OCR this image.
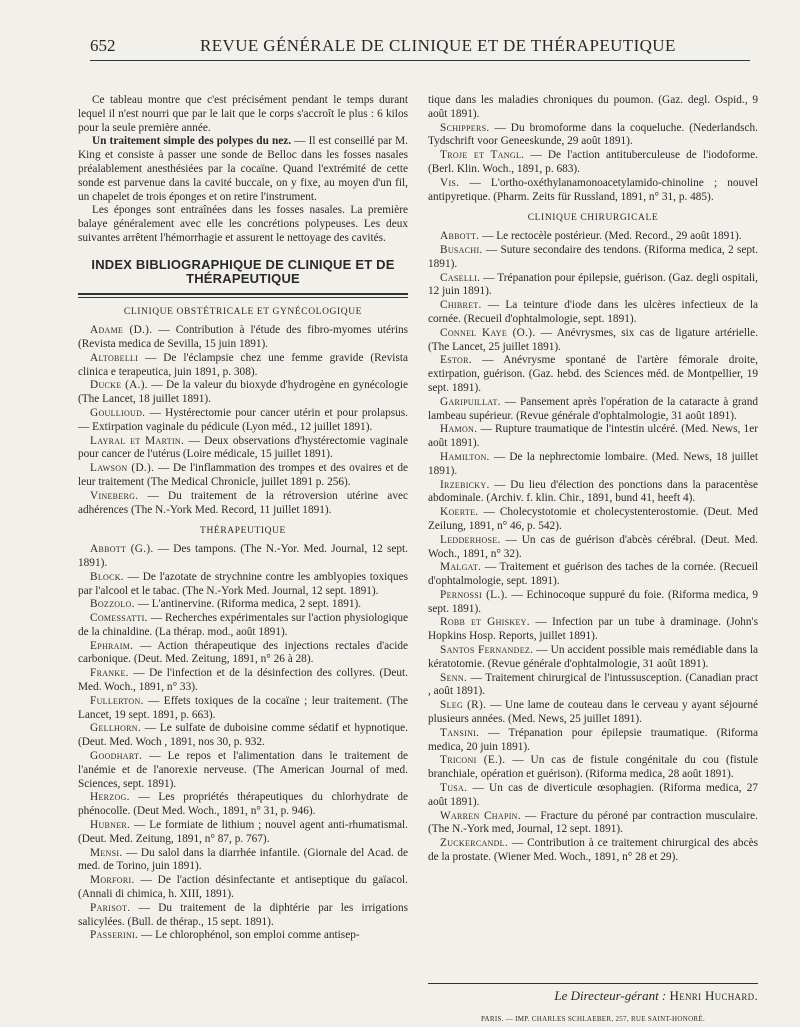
652	REVUE GÉNÉRALE DE CLINIQUE ET DE THÉRAPEUTIQUE

Ce tableau montre que c'est précisément pendant le temps durant lequel il n'est nourri que par le lait que le corps s'accroît le plus : 6 kilos pour la seule première année.

Un traitement simple des polypes du nez. — Il est conseillé par M. King et consiste à passer une sonde de Belloc dans les fosses nasales préalablement anesthésiées par la cocaïne. Quand l'extrémité de cette sonde est parvenue dans la cavité buccale, on y fixe, au moyen d'un fil, un chapelet de trois éponges et on retire l'instrument.

Les éponges sont entraînées dans les fosses nasales. La première balaye généralement avec elle les concrétions polypeuses. Les deux suivantes arrêtent l'hémorrhagie et assurent le nettoyage des cavités.

INDEX BIBLIOGRAPHIQUE DE CLINIQUE ET DE THÉRAPEUTIQUE
CLINIQUE OBSTÉTRICALE ET GYNÉCOLOGIQUE

Adame (D.). — Contribution à l'étude des fibro-myomes utérins (Revista medica de Sevilla, 15 juin 1891).

Altobelli — De l'éclampsie chez une femme gravide (Revista clinica e terapeutica, juin 1891, p. 308).

Ducke (A.). — De la valeur du bioxyde d'hydrogène en gynécologie (The Lancet, 18 juillet 1891).

Goullioud. — Hystérectomie pour cancer utérin et pour prolapsus. — Extirpation vaginale du pédicule (Lyon méd., 12 juillet 1891).

Layral et Martin. — Deux observations d'hystérectomie vaginale pour cancer de l'utérus (Loire médicale, 15 juillet 1891).

Lawson (D.). — De l'inflammation des trompes et des ovaires et de leur traitement (The Medical Chronicle, juillet 1891 p. 256).

Vineberg. — Du traitement de la rétroversion utérine avec adhérences (The N.-York Med. Record, 11 juillet 1891).

THÉRAPEUTIQUE

Abbott (G.). — Des tampons. (The N.-Yor. Med. Journal, 12 sept. 1891).

Block. — De l'azotate de strychnine contre les amblyopies toxiques par l'alcool et le tabac. (The N.-York Med. Journal, 12 sept. 1891).

Bozzolo. — L'antinervine. (Riforma medica, 2 sept. 1891).

Comessatti. — Recherches expérimentales sur l'action physiologique de la chinaldine. (La thérap. mod., août 1891).

Ephraim. — Action thérapeutique des injections rectales d'acide carbonique. (Deut. Med. Zeitung, 1891, n° 26 à 28).

Franke. — De l'infection et de la désinfection des collyres. (Deut. Med. Woch., 1891, n° 33).

Fullerton. — Effets toxiques de la cocaïne ; leur traitement. (The Lancet, 19 sept. 1891, p. 663).

Gellhorn. — Le sulfate de duboisine comme sédatif et hypnotique. (Deut. Med. Woch , 1891, nos 30, p. 932.

Goodhart. — Le repos et l'alimentation dans le traitement de l'anémie et de l'anorexie nerveuse. (The American Journal of med. Sciences, sept. 1891).

Herzog. — Les propriétés thérapeutiques du chlorhydrate de phénocolle. (Deut Med. Woch., 1891, n° 31, p. 946).

Hubner. — Le formiate de lithium ; nouvel agent anti-rhumatismal. (Deut. Med. Zeitung, 1891, n° 87, p. 767).

Mensi. — Du salol dans la diarrhée infantile. (Giornale del Acad. de med. de Torino, juin 1891).

Morfori. — De l'action désinfectante et antiseptique du gaïacol. (Annali di chimica, h. XIII, 1891).

Parisot. — Du traitement de la diphtérie par les irrigations salicylées. (Bull. de thérap., 15 sept. 1891).

Passerini. — Le chlorophénol, son emploi comme antisep-

tique dans les maladies chroniques du poumon. (Gaz. degl. Ospid., 9 août 1891).

Schippers. — Du bromoforme dans la coqueluche. (Nederlandsch. Tydschrift voor Geneeskunde, 29 août 1891).

Troje et Tangl. — De l'action antituberculeuse de l'iodoforme. (Berl. Klin. Woch., 1891, p. 683).

Vis. — L'ortho-oxéthylanamonoacetylamido-chinoline ; nouvel antipyretique. (Pharm. Zeits für Russland, 1891, n° 31, p. 485).

CLINIQUE CHIRURGICALE

Abbott. — Le rectocèle postérieur. (Med. Record., 29 août 1891).

Busachi. — Suture secondaire des tendons. (Riforma medica, 2 sept. 1891).

Caselli. — Trépanation pour épilepsie, guérison. (Gaz. degli ospitali, 12 juin 1891).

Chibret. — La teinture d'iode dans les ulcères infectieux de la cornée. (Recueil d'ophtalmologie, sept. 1891).

Connel Kaye (O.). — Anévrysmes, six cas de ligature artérielle. (The Lancet, 25 juillet 1891).

Estor. — Anévrysme spontané de l'artère fémorale droite, extirpation, guérison. (Gaz. hebd. des Sciences méd. de Montpellier, 19 sept. 1891).

Garipuillat. — Pansement après l'opération de la cataracte à grand lambeau supérieur. (Revue générale d'ophtalmologie, 31 août 1891).

Hamon. — Rupture traumatique de l'intestin ulcéré. (Med. News, 1er août 1891).

Hamilton. — De la nephrectomie lombaire. (Med. News, 18 juillet 1891).

Irzebicky. — Du lieu d'élection des ponctions dans la paracentèse abdominale. (Archiv. f. klin. Chir., 1891, bund 41, heeft 4).

Koerte. — Cholecystotomie et cholecystenterostomie. (Deut. Med Zeilung, 1891, n° 46, p. 542).

Ledderhose. — Un cas de guérison d'abcès cérébral. (Deut. Med. Woch., 1891, n° 32).

Malgat. — Traitement et guérison des taches de la cornée. (Recueil d'ophtalmologie, sept. 1891).

Pernossi (L.). — Echinocoque suppuré du foie. (Riforma medica, 9 sept. 1891).

Robb et Ghiskey. — Infection par un tube à draminage. (John's Hopkins Hosp. Reports, juillet 1891).

Santos Fernandez. — Un accident possible mais remédiable dans la kératotomie. (Revue générale d'ophtalmologie, 31 août 1891).

Senn. — Traitement chirurgical de l'intussusception. (Canadian pract , août 1891).

Sleg (R). — Une lame de couteau dans le cerveau y ayant séjourné plusieurs années. (Med. News, 25 juillet 1891).

Tansini. — Trépanation pour épilepsie traumatique. (Riforma medica, 20 juin 1891).

Triconi (E.). — Un cas de fistule congénitale du cou (fistule branchiale, opération et guérison). (Riforma medica, 28 août 1891).

Tusa. — Un cas de diverticule œsophagien. (Riforma medica, 27 août 1891).

Warren Chapin. — Fracture du péroné par contraction musculaire. (The N.-York med, Journal, 12 sept. 1891).

Zuckercandl. — Contribution à ce traitement chirurgical des abcès de la prostate. (Wiener Med. Woch., 1891, n° 28 et 29).

Le Directeur-gérant : Henri Huchard.
PARIS. — IMP. CHARLES SCHLAEBER, 257, RUE SAINT-HONORÉ.
